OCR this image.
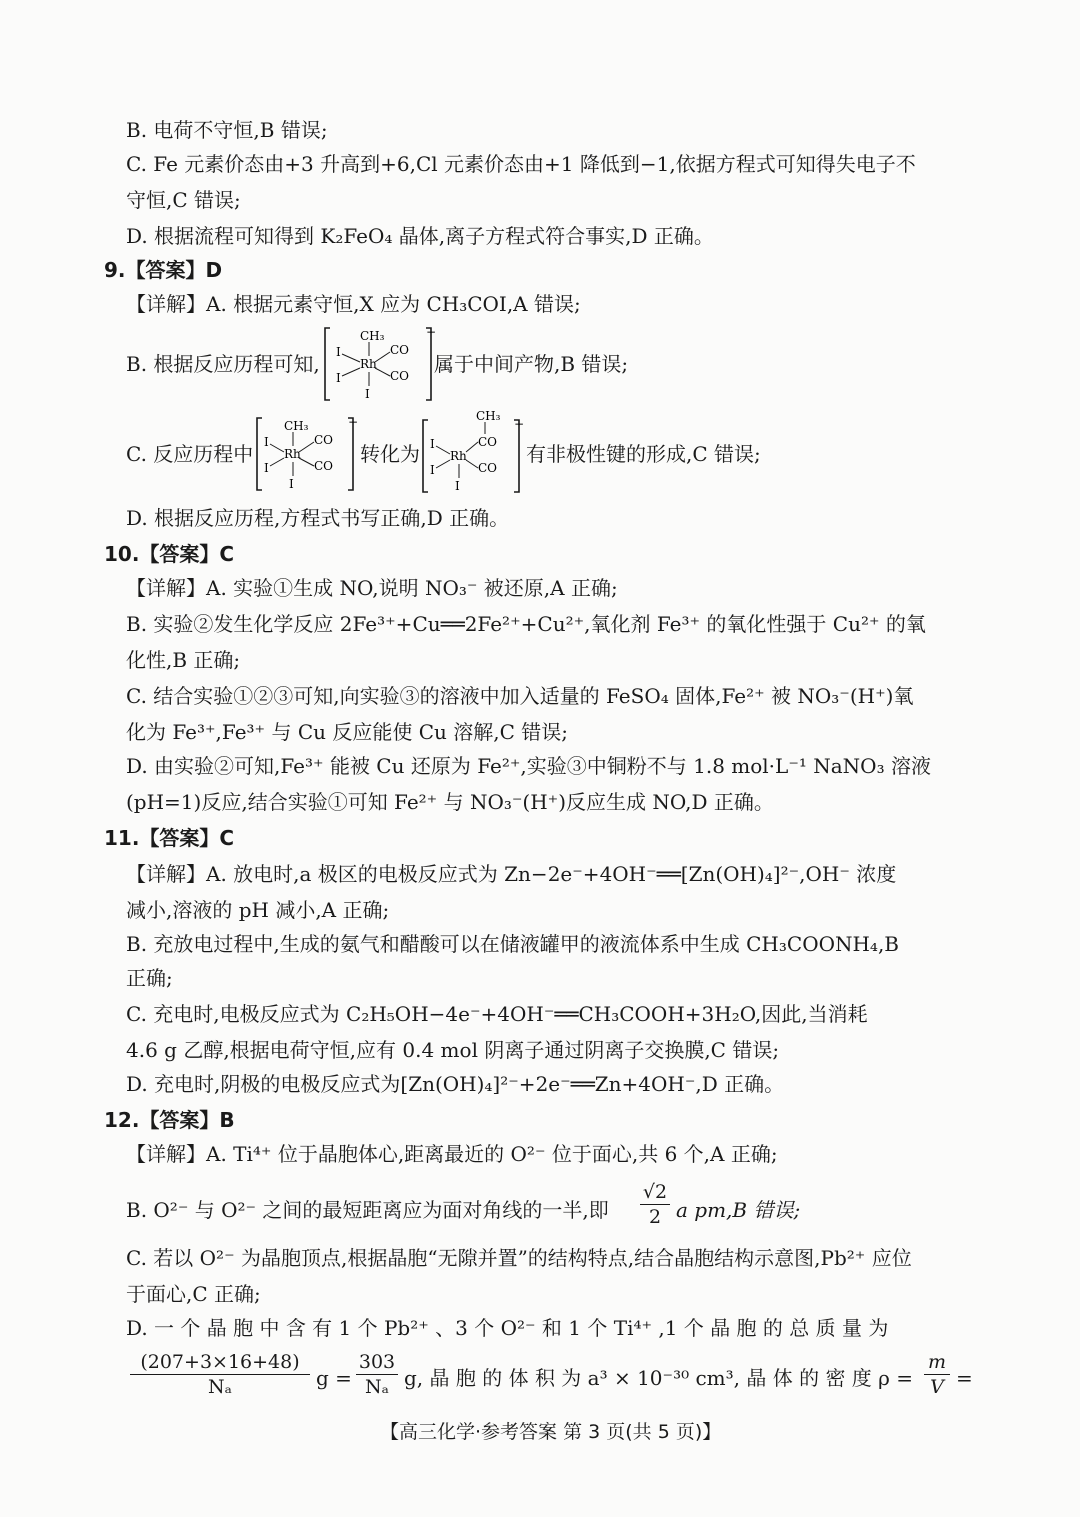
B. 电荷不守恒,B 错误;
C. Fe 元素价态由+3 升高到+6,Cl 元素价态由+1 降低到−1,依据方程式可知得失电子不
守恒,C 错误;
D. 根据流程可知得到 K₂FeO₄ 晶体,离子方程式符合事实,D 正确。
9.【答案】D
【详解】A. 根据元素守恒,X 应为 CH₃COI,A 错误;
B. 根据反应历程可知,
CH₃
Rh
CO
CO
I
I
I
−
属于中间产物,B 错误;
C. 反应历程中
CH₃
Rh
CO
CO
I
I
I
−
转化为
CH₃
CO
Rh
CO
I
I
I
−
有非极性键的形成,C 错误;
D. 根据反应历程,方程式书写正确,D 正确。
10.【答案】C
【详解】A. 实验①生成 NO,说明 NO₃⁻ 被还原,A 正确;
B. 实验②发生化学反应 2Fe³⁺+Cu══2Fe²⁺+Cu²⁺,氧化剂 Fe³⁺ 的氧化性强于 Cu²⁺ 的氧
化性,B 正确;
C. 结合实验①②③可知,向实验③的溶液中加入适量的 FeSO₄ 固体,Fe²⁺ 被 NO₃⁻(H⁺)氧
化为 Fe³⁺,Fe³⁺ 与 Cu 反应能使 Cu 溶解,C 错误;
D. 由实验②可知,Fe³⁺ 能被 Cu 还原为 Fe²⁺,实验③中铜粉不与 1.8 mol·L⁻¹ NaNO₃ 溶液
(pH=1)反应,结合实验①可知 Fe²⁺ 与 NO₃⁻(H⁺)反应生成 NO,D 正确。
11.【答案】C
【详解】A. 放电时,a 极区的电极反应式为 Zn−2e⁻+4OH⁻══[Zn(OH)₄]²⁻,OH⁻ 浓度
减小,溶液的 pH 减小,A 正确;
B. 充放电过程中,生成的氨气和醋酸可以在储液罐甲的液流体系中生成 CH₃COONH₄,B
正确;
C. 充电时,电极反应式为 C₂H₅OH−4e⁻+4OH⁻══CH₃COOH+3H₂O,因此,当消耗
4.6 g 乙醇,根据电荷守恒,应有 0.4 mol 阴离子通过阴离子交换膜,C 错误;
D. 充电时,阴极的电极反应式为[Zn(OH)₄]²⁻+2e⁻══Zn+4OH⁻,D 正确。
12.【答案】B
【详解】A. Ti⁴⁺ 位于晶胞体心,距离最近的 O²⁻ 位于面心,共 6 个,A 正确;
B. O²⁻ 与 O²⁻ 之间的最短距离应为面对角线的一半,即 $\frac{√2}{2}$ a pm,B 错误;
C. 若以 O²⁻ 为晶胞顶点,根据晶胞“无隙并置”的结构特点,结合晶胞结构示意图,Pb²⁺ 应位
于面心,C 正确;
D. 一 个 晶 胞 中 含 有 1 个 Pb²⁺ 、3 个 O²⁻ 和 1 个 Ti⁴⁺ ,1 个 晶 胞 的 总 质 量 为
$\frac{(207+3\times 16+48)}{\text{Nₐ}}$ $g = \frac{303}{\text{Nₐ}} g$, 晶 胞 的 体 积 为 a³ × 10⁻³⁰ cm³, 晶 体 的 密 度 $\rho = \frac{m}{V}$ =
【高三化学·参考答案 第 3 页(共 5 页)】
